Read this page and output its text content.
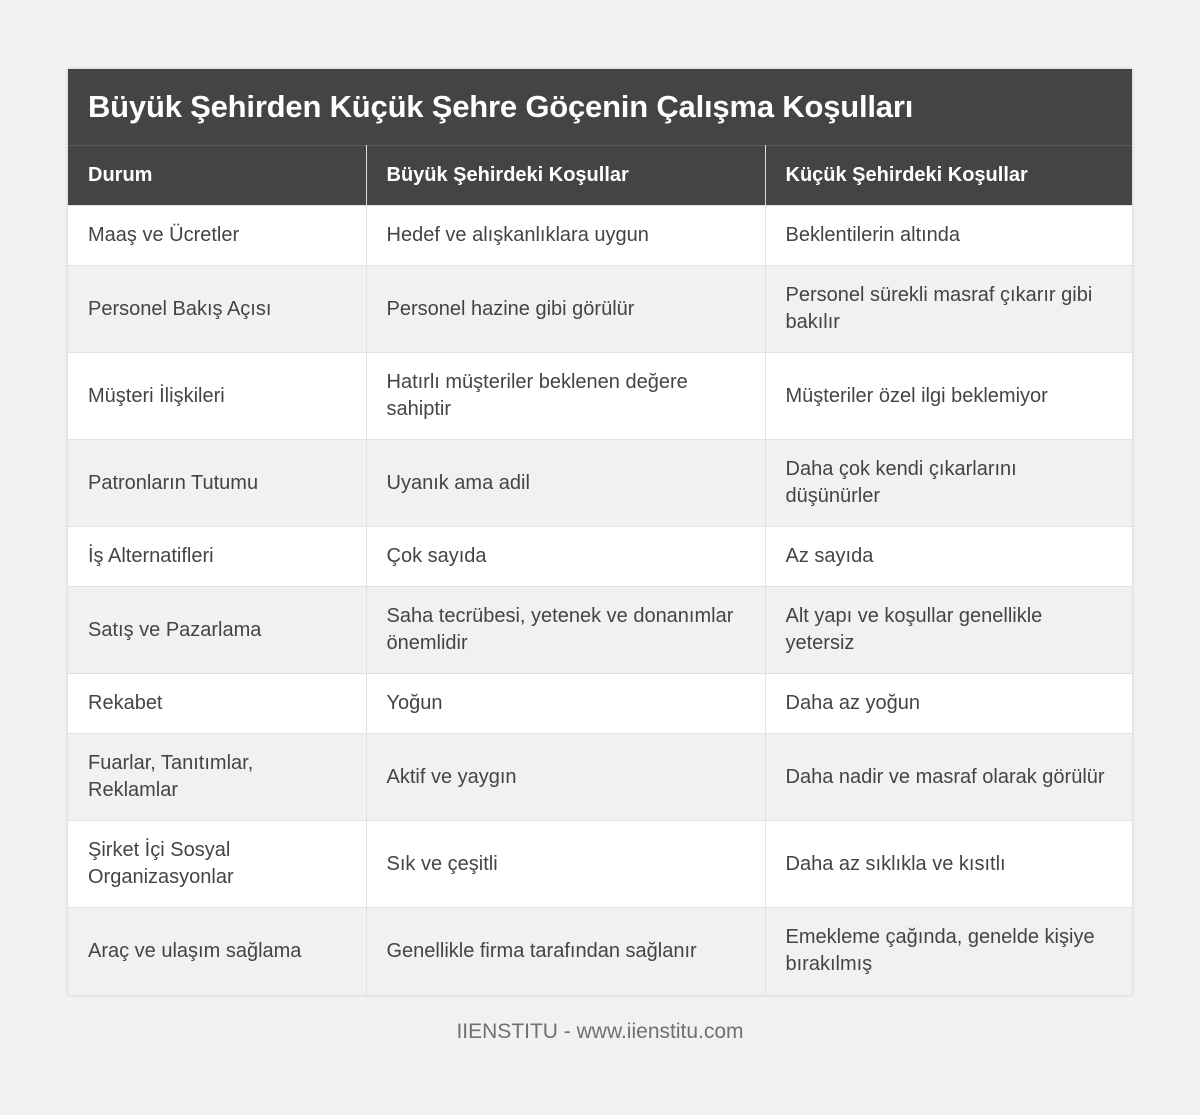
Büyük Şehirden Küçük Şehre Göçenin Çalışma Koşulları
Durum	Büyük Şehirdeki Koşullar	Küçük Şehirdeki Koşullar
Maaş ve Ücretler	Hedef ve alışkanlıklara uygun	Beklentilerin altında
Personel Bakış Açısı	Personel hazine gibi görülür	Personel sürekli masraf çıkarır gibi bakılır
Müşteri İlişkileri	Hatırlı müşteriler beklenen değere sahiptir	Müşteriler özel ilgi beklemiyor
Patronların Tutumu	Uyanık ama adil	Daha çok kendi çıkarlarını düşünürler
İş Alternatifleri	Çok sayıda	Az sayıda
Satış ve Pazarlama	Saha tecrübesi, yetenek ve donanımlar önemlidir	Alt yapı ve koşullar genellikle yetersiz
Rekabet	Yoğun	Daha az yoğun
Fuarlar, Tanıtımlar, Reklamlar	Aktif ve yaygın	Daha nadir ve masraf olarak görülür
Şirket İçi Sosyal Organizasyonlar	Sık ve çeşitli	Daha az sıklıkla ve kısıtlı
Araç ve ulaşım sağlama	Genellikle firma tarafından sağlanır	Emekleme çağında, genelde kişiye bırakılmış
IIENSTITU - www.iienstitu.com
